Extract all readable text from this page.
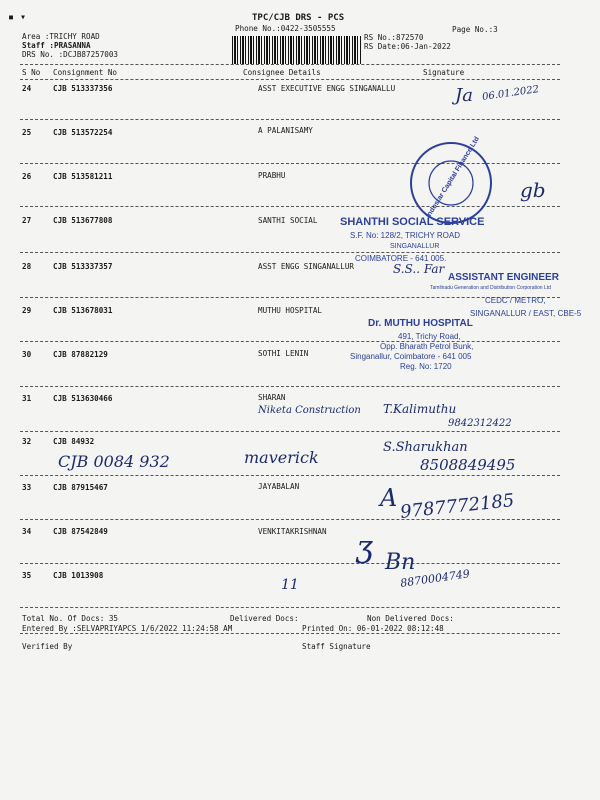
TPC/CJB DRS - PCS
Phone No.:0422-3505555	Page No.:3
Area :TRICHY ROAD
Staff :PRASANNA
DRS No. :DCJB87257003
RS No.:872570
RS Date:06-Jan-2022
▪ ▾
S No Consignment No	Consignee Details	Signature
24	CJB 513337356	ASST EXECUTIVE ENGG SINGANALLU
25	CJB 513572254	A PALANISAMY
26	CJB 513581211	PRABHU
27	CJB 513677808	SANTHI SOCIAL
28	CJB 513337357	ASST ENGG SINGANALLUR
29	CJB 513678031	MUTHU HOSPITAL
30	CJB 87882129	SOTHI LENIN
31	CJB 513630466	SHARAN
32	CJB 84932
33	CJB 87915467	JAYABALAN
34	CJB 87542849	VENKITAKRISHNAN
35	CJB 1013908
06.01.2022
Ja
gb
S.S.. Far
Niketa Construction T.Kalimuthu
9842312422
CJB 0084 932	maverick
S.Sharukhan
8508849495
A 9787772185
ʒ
11
Bn
8870004749
Indostar Capital Finance Ltd
SHANTHI SOCIAL SERVICE
S.F. No: 128/2, TRICHY ROAD
SINGANALLUR
COIMBATORE - 641 005.
ASSISTANT ENGINEER
Tamilnadu Generation and Distribution Corporation Ltd
CEDC / METRO,
SINGANALLUR / EAST, CBE-5
Dr. MUTHU HOSPITAL
491, Trichy Road,
Opp. Bharath Petrol Bunk,
Singanallur, Coimbatore - 641 005
Reg. No: 1720
Total No. Of Docs: 35	Delivered Docs:	Non Delivered Docs:
Entered By :SELVAPRIYAPCS 1/6/2022 11:24:58 AM	Printed On: 06-01-2022 08:12:48
Verified By	Staff Signature
